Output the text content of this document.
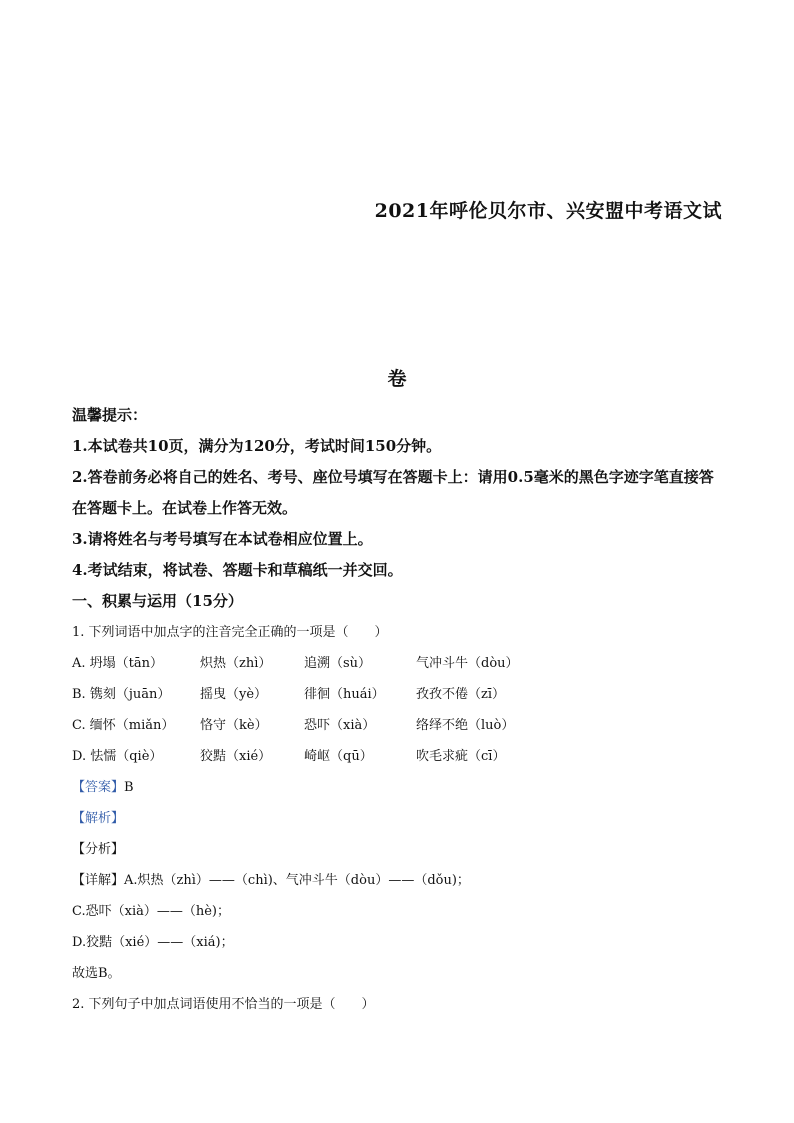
2021年呼伦贝尔市、兴安盟中考语文试
卷
温馨提示：
1.本试卷共10页，满分为120分，考试时间150分钟。
2.答卷前务必将自己的姓名、考号、座位号填写在答题卡上：请用0.5毫米的黑色字迹字笔直接答在答题卡上。在试卷上作答无效。
3.请将姓名与考号填写在本试卷相应位置上。
4.考试结束，将试卷、答题卡和草稿纸一并交回。
一、积累与运用（15分）
1. 下列词语中加点字的注音完全正确的一项是（　　）
A. 坍塌（tān）	炽热（zhì）	追溯（sù）	气冲斗牛（dòu）
B. 镌刻（juān）	摇曳（yè）	徘徊（huái）	孜孜不倦（zī）
C. 缅怀（miǎn）	恪守（kè）	恐吓（xià）	络绎不绝（luò）
D. 怯懦（qiè）	狡黠（xié）	崎岖（qū）	吹毛求疵（cī）
【答案】B
【解析】
【分析】
【详解】A.炽热（zhì）——（chì)、气冲斗牛（dòu）——（dǒu)；
C.恐吓（xià）——（hè)；
D.狡黠（xié）——（xiá)；
故选B。
2. 下列句子中加点词语使用不恰当的一项是（　　）
